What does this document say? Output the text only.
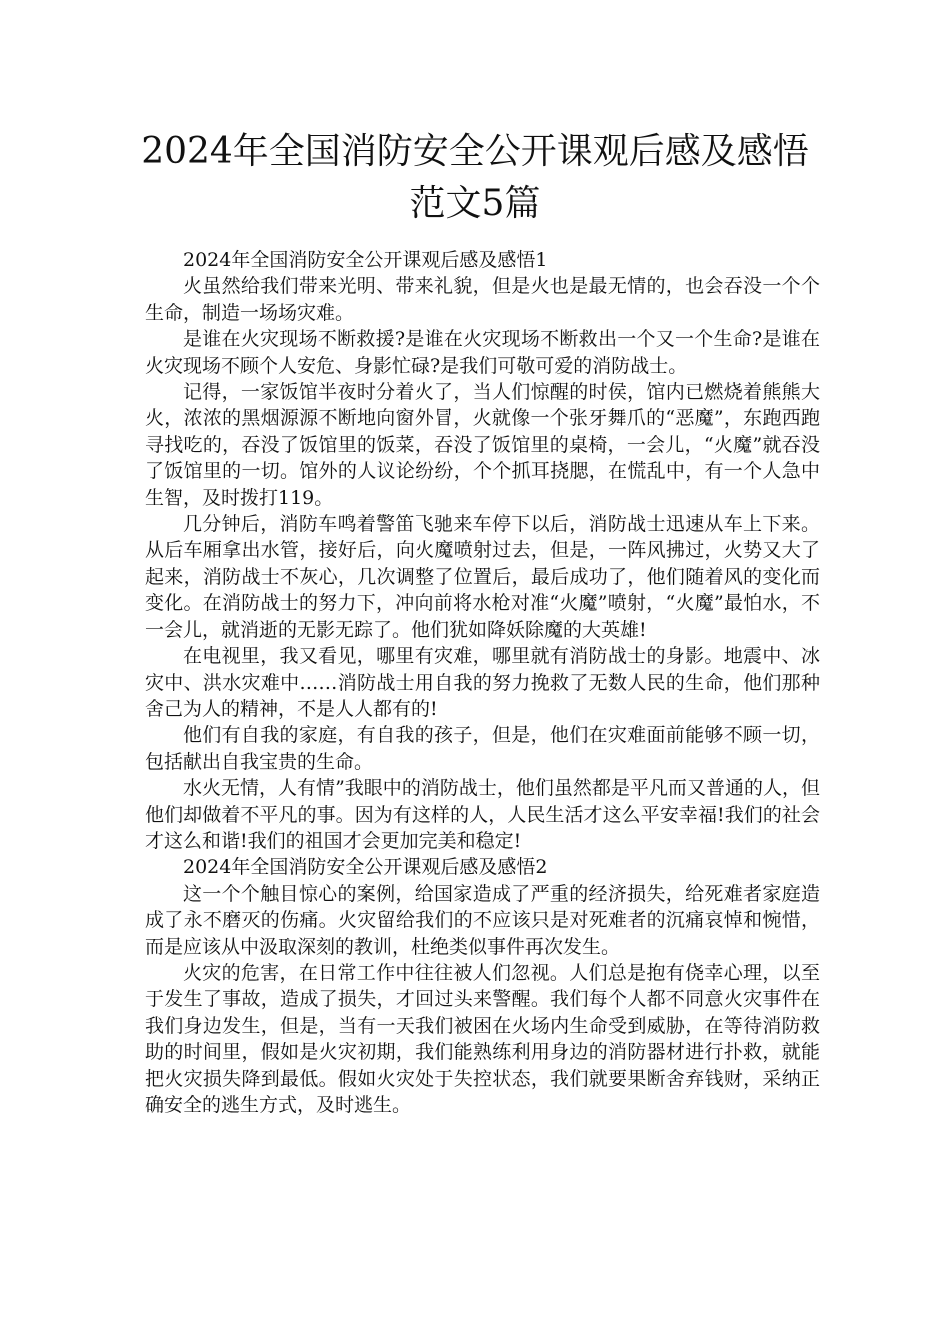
2024年全国消防安全公开课观后感及感悟
范文5篇

2024年全国消防安全公开课观后感及感悟1

火虽然给我们带来光明、带来礼貌，但是火也是最无情的，也会吞没一个个生命，制造一场场灾难。

是谁在火灾现场不断救援?是谁在火灾现场不断救出一个又一个生命?是谁在火灾现场不顾个人安危、身影忙碌?是我们可敬可爱的消防战士。

记得，一家饭馆半夜时分着火了，当人们惊醒的时侯，馆内已燃烧着熊熊大火，浓浓的黑烟源源不断地向窗外冒，火就像一个张牙舞爪的“恶魔”，东跑西跑寻找吃的，吞没了饭馆里的饭菜，吞没了饭馆里的桌椅，一会儿，“火魔”就吞没了饭馆里的一切。馆外的人议论纷纷，个个抓耳挠腮，在慌乱中，有一个人急中生智，及时拨打119。

几分钟后，消防车鸣着警笛飞驰来车停下以后，消防战士迅速从车上下来。从后车厢拿出水管，接好后，向火魔喷射过去，但是，一阵风拂过，火势又大了起来，消防战士不灰心，几次调整了位置后，最后成功了，他们随着风的变化而变化。在消防战士的努力下，冲向前将水枪对准“火魔”喷射，“火魔”最怕水，不一会儿，就消逝的无影无踪了。他们犹如降妖除魔的大英雄!

在电视里，我又看见，哪里有灾难，哪里就有消防战士的身影。地震中、冰灾中、洪水灾难中……消防战士用自我的努力挽救了无数人民的生命，他们那种舍己为人的精神，不是人人都有的!

他们有自我的家庭，有自我的孩子，但是，他们在灾难面前能够不顾一切，包括献出自我宝贵的生命。

水火无情，人有情”我眼中的消防战士，他们虽然都是平凡而又普通的人，但他们却做着不平凡的事。因为有这样的人，人民生活才这么平安幸福!我们的社会才这么和谐!我们的祖国才会更加完美和稳定!

2024年全国消防安全公开课观后感及感悟2

这一个个触目惊心的案例，给国家造成了严重的经济损失，给死难者家庭造成了永不磨灭的伤痛。火灾留给我们的不应该只是对死难者的沉痛哀悼和惋惜，而是应该从中汲取深刻的教训，杜绝类似事件再次发生。

火灾的危害，在日常工作中往往被人们忽视。人们总是抱有侥幸心理，以至于发生了事故，造成了损失，才回过头来警醒。我们每个人都不同意火灾事件在我们身边发生，但是，当有一天我们被困在火场内生命受到威胁，在等待消防救助的时间里，假如是火灾初期，我们能熟练利用身边的消防器材进行扑救，就能把火灾损失降到最低。假如火灾处于失控状态，我们就要果断舍弃钱财，采纳正确安全的逃生方式，及时逃生。
